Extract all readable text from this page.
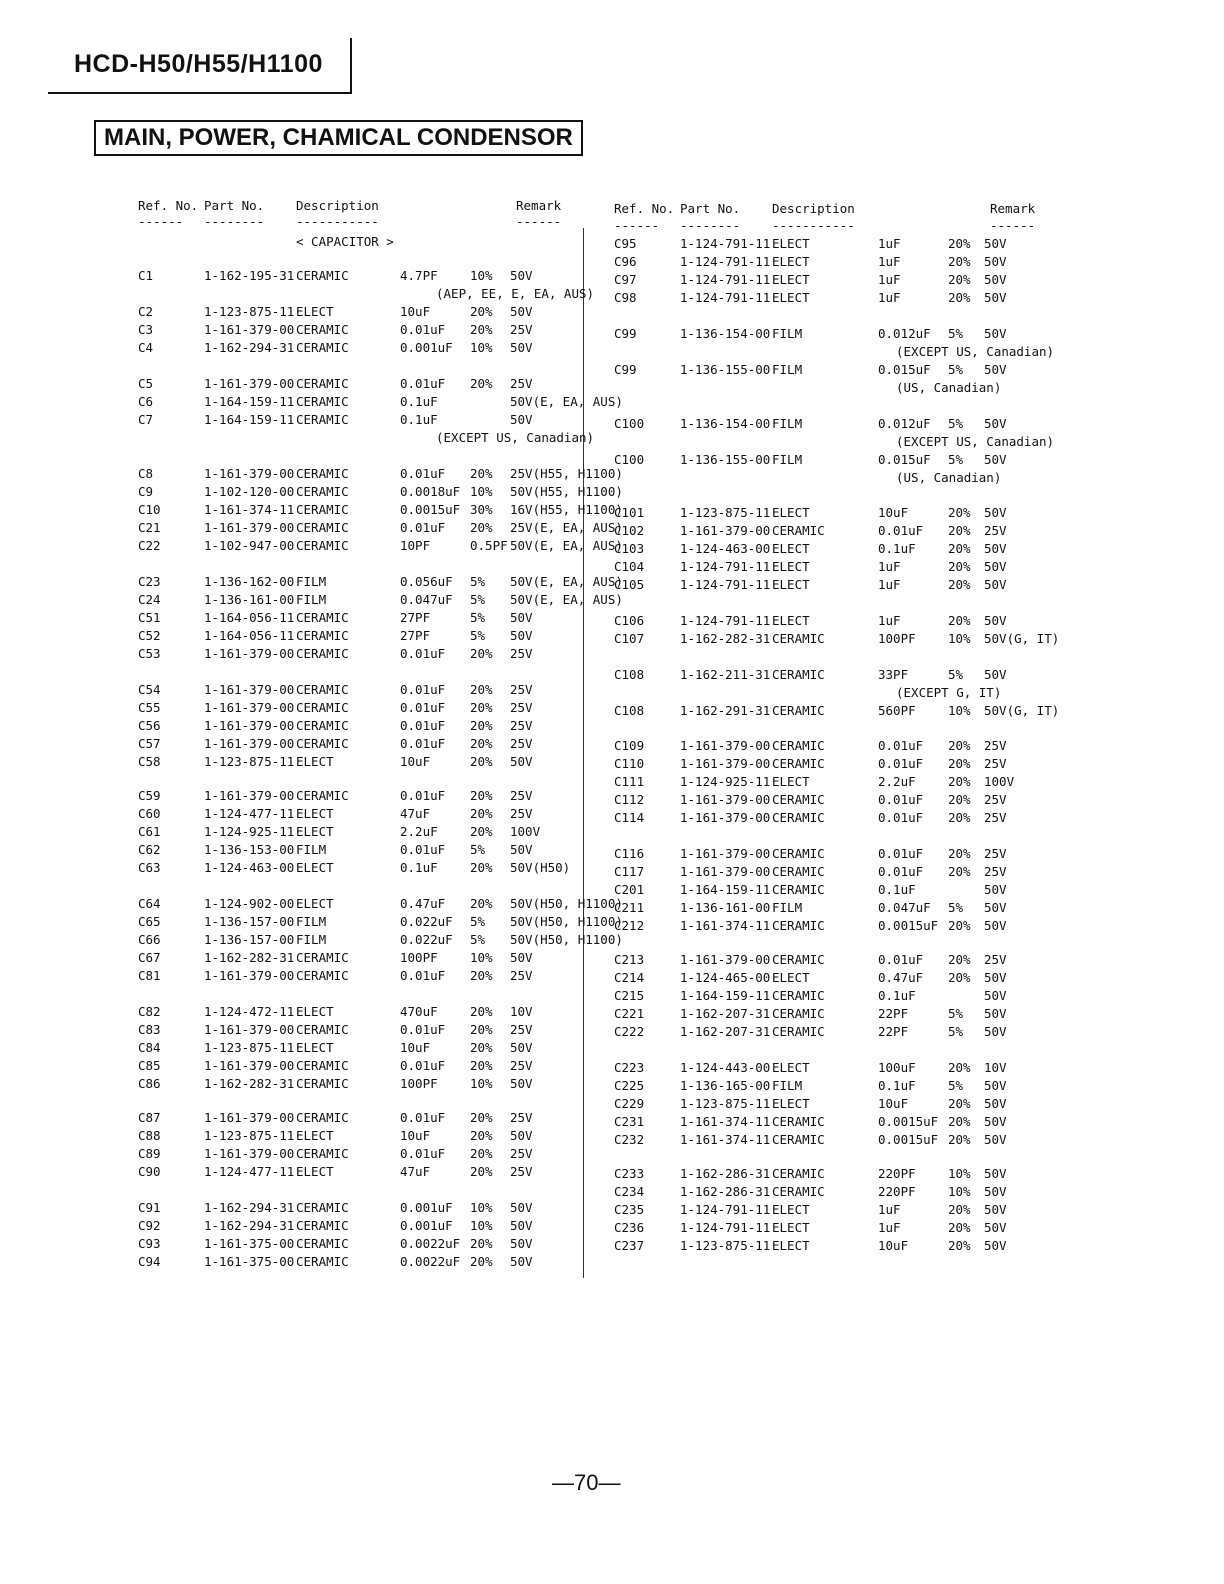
HCD-H50/H55/H1100
MAIN, POWER, CHAMICAL CONDENSOR
Ref. No. Part No.	Description	Remark
------ --------	-----------	------
< CAPACITOR >
C1	1-162-195-31 CERAMIC	4.7PF	10% 50V
(AEP, EE, E, EA, AUS)
C2	1-123-875-11 ELECT	10uF	20% 50V
C3	1-161-379-00 CERAMIC	0.01uF 20% 25V
C4	1-162-294-31 CERAMIC	0.001uF 10% 50V
C5	1-161-379-00 CERAMIC	0.01uF 20% 25V
C6	1-164-159-11 CERAMIC	0.1uF	50V(E, EA, AUS)
C7	1-164-159-11 CERAMIC	0.1uF	50V
(EXCEPT US, Canadian)
C8	1-161-379-00 CERAMIC	0.01uF 20% 25V(H55, H1100)
C9	1-102-120-00 CERAMIC	0.0018uF 10% 50V(H55, H1100)
C10	1-161-374-11 CERAMIC	0.0015uF 30% 16V(H55, H1100)
C21	1-161-379-00 CERAMIC	0.01uF 20% 25V(E, EA, AUS)
C22	1-102-947-00 CERAMIC	10PF	0.5PF 50V(E, EA, AUS)
C23	1-136-162-00 FILM	0.056uF 5% 50V(E, EA, AUS)
C24	1-136-161-00 FILM	0.047uF 5% 50V(E, EA, AUS)
C51	1-164-056-11 CERAMIC	27PF	5% 50V
C52	1-164-056-11 CERAMIC	27PF	5% 50V
C53	1-161-379-00 CERAMIC	0.01uF 20% 25V
C54	1-161-379-00 CERAMIC	0.01uF 20% 25V
C55	1-161-379-00 CERAMIC	0.01uF 20% 25V
C56	1-161-379-00 CERAMIC	0.01uF 20% 25V
C57	1-161-379-00 CERAMIC	0.01uF 20% 25V
C58	1-123-875-11 ELECT	10uF	20% 50V
C59	1-161-379-00 CERAMIC	0.01uF 20% 25V
C60	1-124-477-11 ELECT	47uF	20% 25V
C61	1-124-925-11 ELECT	2.2uF	20% 100V
C62	1-136-153-00 FILM	0.01uF 5% 50V
C63	1-124-463-00 ELECT	0.1uF	20% 50V(H50)
C64	1-124-902-00 ELECT	0.47uF 20% 50V(H50, H1100)
C65	1-136-157-00 FILM	0.022uF 5% 50V(H50, H1100)
C66	1-136-157-00 FILM	0.022uF 5% 50V(H50, H1100)
C67	1-162-282-31 CERAMIC	100PF	10% 50V
C81	1-161-379-00 CERAMIC	0.01uF 20% 25V
C82	1-124-472-11 ELECT	470uF	20% 10V
C83	1-161-379-00 CERAMIC	0.01uF 20% 25V
C84	1-123-875-11 ELECT	10uF	20% 50V
C85	1-161-379-00 CERAMIC	0.01uF 20% 25V
C86	1-162-282-31 CERAMIC	100PF	10% 50V
C87	1-161-379-00 CERAMIC	0.01uF 20% 25V
C88	1-123-875-11 ELECT	10uF	20% 50V
C89	1-161-379-00 CERAMIC	0.01uF 20% 25V
C90	1-124-477-11 ELECT	47uF	20% 25V
C91	1-162-294-31 CERAMIC	0.001uF 10% 50V
C92	1-162-294-31 CERAMIC	0.001uF 10% 50V
C93	1-161-375-00 CERAMIC	0.0022uF 20% 50V
C94	1-161-375-00 CERAMIC	0.0022uF 20% 50V
Ref. No. Part No.	Description	Remark
------ --------	-----------	------
C95	1-124-791-11 ELECT	1uF	20% 50V
C96	1-124-791-11 ELECT	1uF	20% 50V
C97	1-124-791-11 ELECT	1uF	20% 50V
C98	1-124-791-11 ELECT	1uF	20% 50V
C99	1-136-154-00 FILM	0.012uF 5% 50V
(EXCEPT US, Canadian)
C99	1-136-155-00 FILM	0.015uF 5% 50V
(US, Canadian)
C100	1-136-154-00 FILM	0.012uF 5% 50V
(EXCEPT US, Canadian)
C100	1-136-155-00 FILM	0.015uF 5% 50V
(US, Canadian)
C101	1-123-875-11 ELECT	10uF	20% 50V
C102	1-161-379-00 CERAMIC	0.01uF 20% 25V
C103	1-124-463-00 ELECT	0.1uF	20% 50V
C104	1-124-791-11 ELECT	1uF	20% 50V
C105	1-124-791-11 ELECT	1uF	20% 50V
C106	1-124-791-11 ELECT	1uF	20% 50V
C107	1-162-282-31 CERAMIC	100PF	10% 50V(G, IT)
C108	1-162-211-31 CERAMIC	33PF	5% 50V
(EXCEPT G, IT)
C108	1-162-291-31 CERAMIC	560PF	10% 50V(G, IT)
C109	1-161-379-00 CERAMIC	0.01uF 20% 25V
C110	1-161-379-00 CERAMIC	0.01uF 20% 25V
C111	1-124-925-11 ELECT	2.2uF	20% 100V
C112	1-161-379-00 CERAMIC	0.01uF 20% 25V
C114	1-161-379-00 CERAMIC	0.01uF 20% 25V
C116	1-161-379-00 CERAMIC	0.01uF 20% 25V
C117	1-161-379-00 CERAMIC	0.01uF 20% 25V
C201	1-164-159-11 CERAMIC	0.1uF	50V
C211	1-136-161-00 FILM	0.047uF 5% 50V
C212	1-161-374-11 CERAMIC	0.0015uF 20% 50V
C213	1-161-379-00 CERAMIC	0.01uF 20% 25V
C214	1-124-465-00 ELECT	0.47uF 20% 50V
C215	1-164-159-11 CERAMIC	0.1uF	50V
C221	1-162-207-31 CERAMIC	22PF	5% 50V
C222	1-162-207-31 CERAMIC	22PF	5% 50V
C223	1-124-443-00 ELECT	100uF	20% 10V
C225	1-136-165-00 FILM	0.1uF	5% 50V
C229	1-123-875-11 ELECT	10uF	20% 50V
C231	1-161-374-11 CERAMIC	0.0015uF 20% 50V
C232	1-161-374-11 CERAMIC	0.0015uF 20% 50V
C233	1-162-286-31 CERAMIC	220PF	10% 50V
C234	1-162-286-31 CERAMIC	220PF	10% 50V
C235	1-124-791-11 ELECT	1uF	20% 50V
C236	1-124-791-11 ELECT	1uF	20% 50V
C237	1-123-875-11 ELECT	10uF	20% 50V
—70—
